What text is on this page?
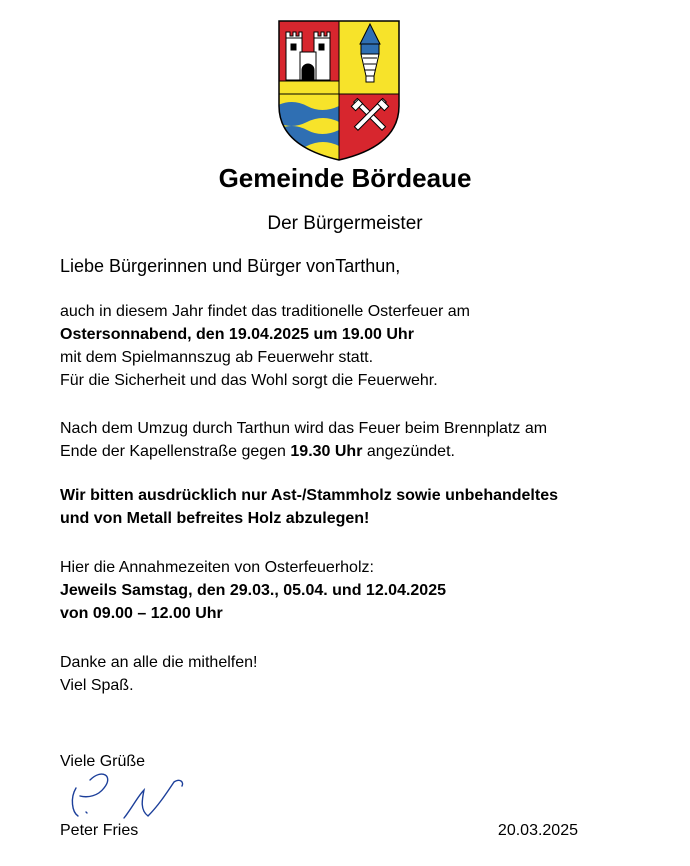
Gemeinde Bördeaue
Der Bürgermeister
Liebe Bürgerinnen und Bürger vonTarthun,
auch in diesem Jahr findet das traditionelle Osterfeuer am
Ostersonnabend, den 19.04.2025 um 19.00 Uhr
mit dem Spielmannszug ab Feuerwehr statt.
Für die Sicherheit und das Wohl sorgt die Feuerwehr.
Nach dem Umzug durch Tarthun wird das Feuer beim Brennplatz am
Ende der Kapellenstraße gegen 19.30 Uhr angezündet.
Wir bitten ausdrücklich nur Ast-/Stammholz sowie unbehandeltes
und von Metall befreites Holz abzulegen!
Hier die Annahmezeiten von Osterfeuerholz:
Jeweils Samstag, den 29.03., 05.04. und 12.04.2025
von 09.00 – 12.00 Uhr
Danke an alle die mithelfen!
Viel Spaß.
Viele Grüße
Peter Fries	20.03.2025
